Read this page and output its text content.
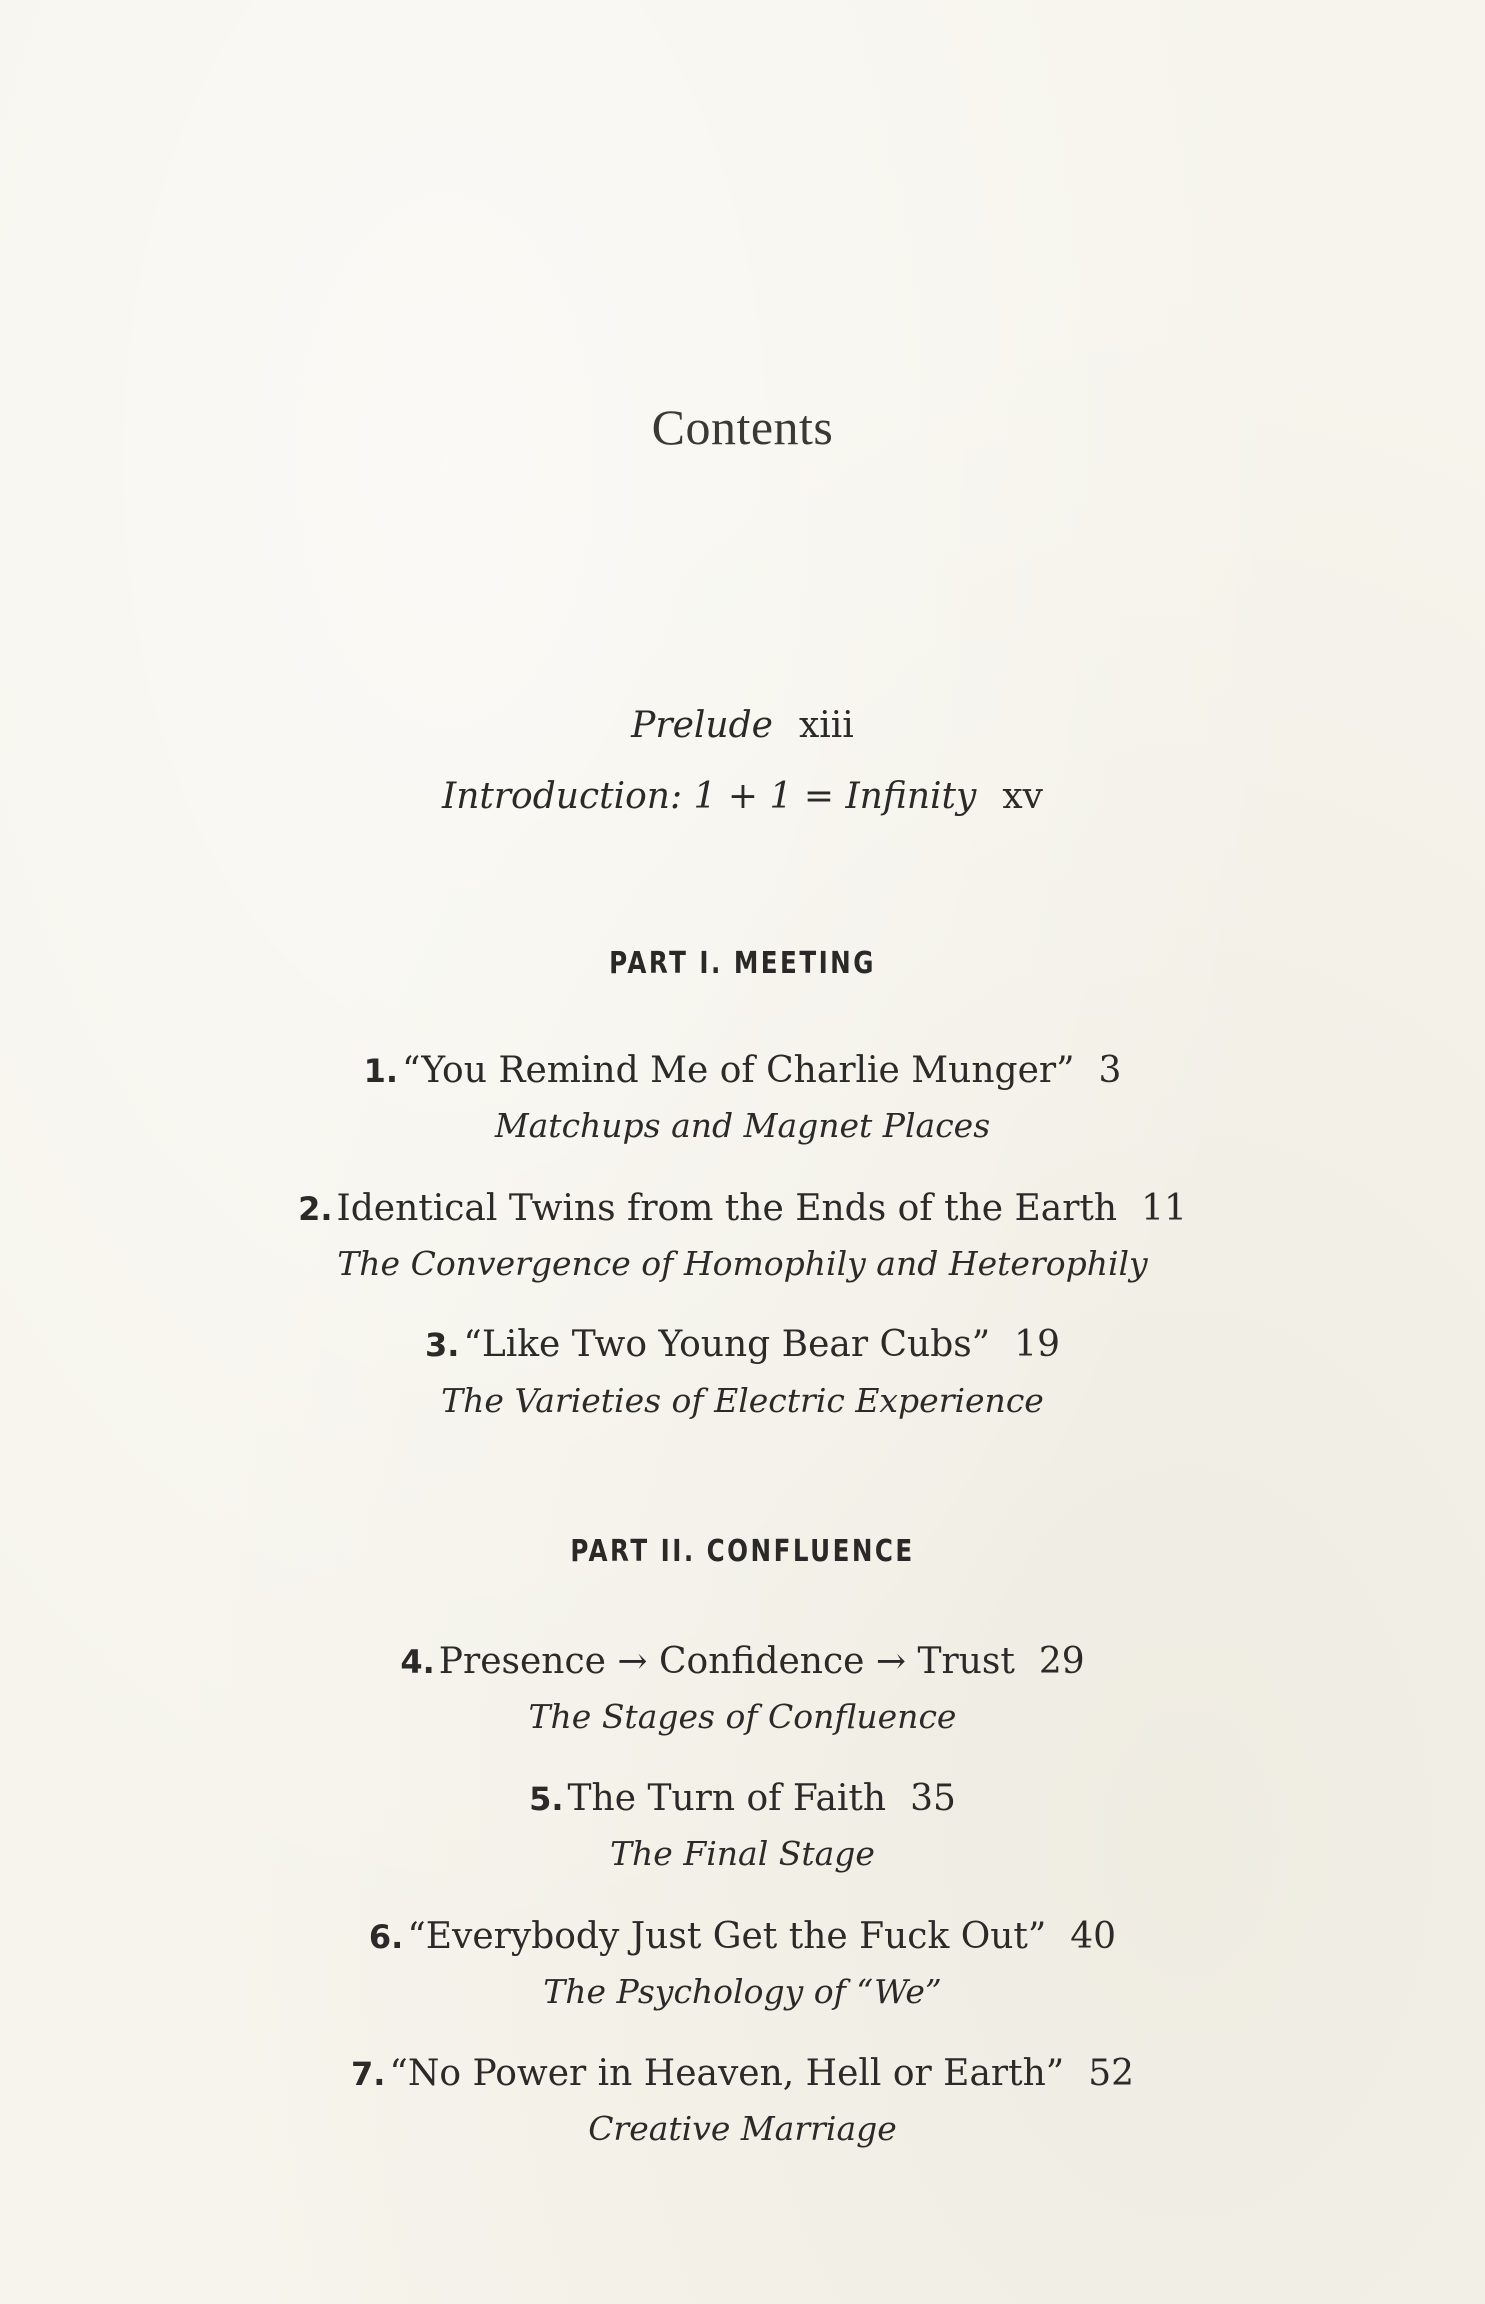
Contents
Prelude xiii
Introduction: 1 + 1 = Infinity xv
PART I. MEETING
1. “You Remind Me of Charlie Munger” 3
Matchups and Magnet Places
2. Identical Twins from the Ends of the Earth 11
The Convergence of Homophily and Heterophily
3. “Like Two Young Bear Cubs” 19
The Varieties of Electric Experience
PART II. CONFLUENCE
4. Presence → Confidence → Trust 29
The Stages of Confluence
5. The Turn of Faith 35
The Final Stage
6. “Everybody Just Get the Fuck Out” 40
The Psychology of “We”
7. “No Power in Heaven, Hell or Earth” 52
Creative Marriage
